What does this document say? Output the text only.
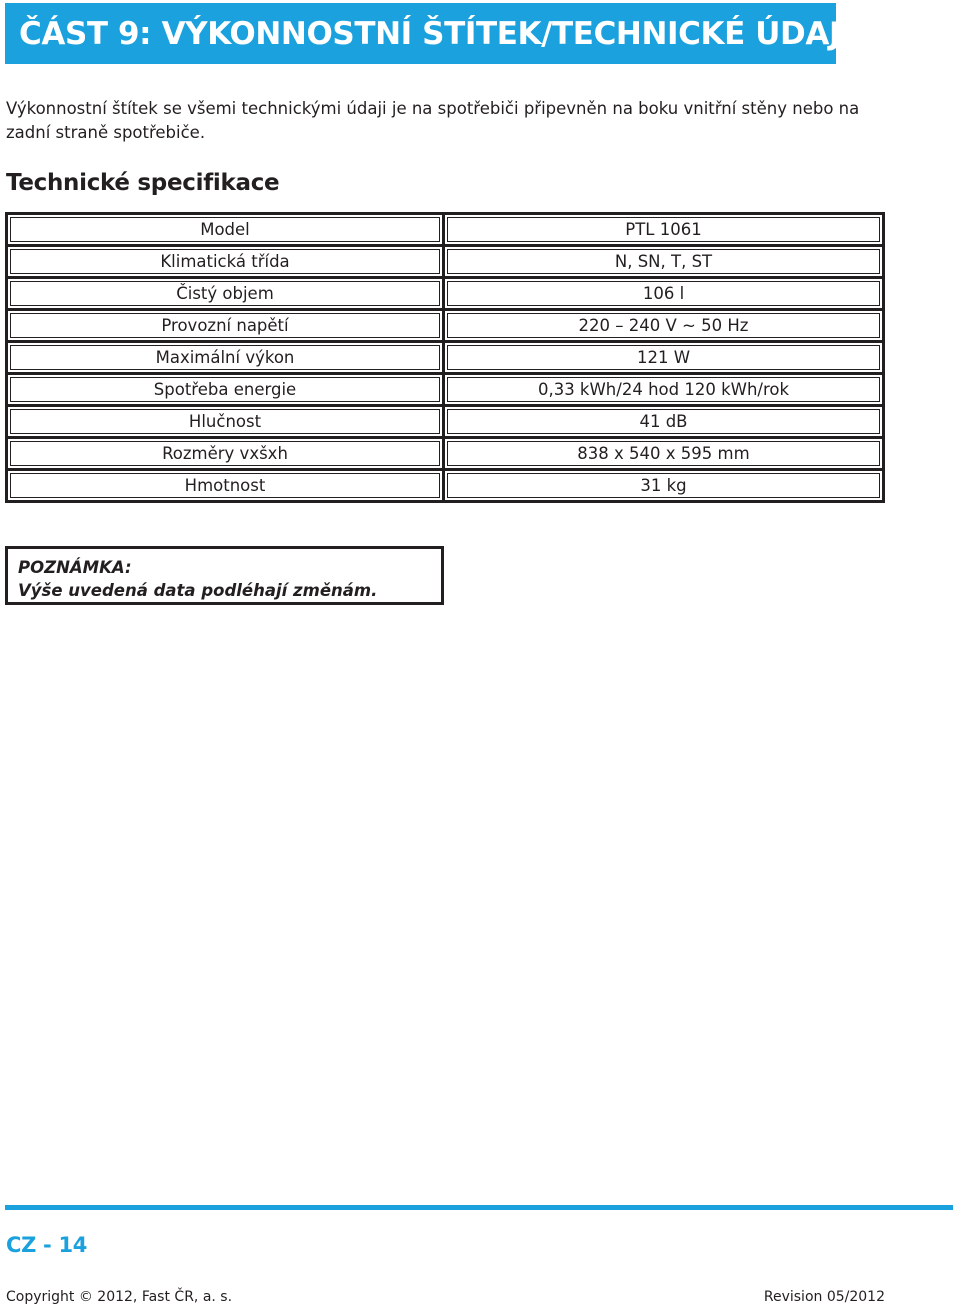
ČÁST 9: VÝKONNOSTNÍ ŠTÍTEK/TECHNICKÉ ÚDAJE
Výkonnostní štítek se všemi technickými údaji je na spotřebiči připevněn na boku vnitřní stěny nebo na zadní straně spotřebiče.
Technické specifikace
Model	PTL 1061
Klimatická třída	N, SN, T, ST
Čistý objem	106 l
Provozní napětí	220 – 240 V ~ 50 Hz
Maximální výkon	121 W
Spotřeba energie	0,33 kWh/24 hod 120 kWh/rok
Hlučnost	41 dB
Rozměry vxšxh	838 x 540 x 595 mm
Hmotnost	31 kg
POZNÁMKA:
Výše uvedená data podléhají změnám.
CZ - 14
Copyright © 2012, Fast ČR, a. s.	Revision 05/2012
